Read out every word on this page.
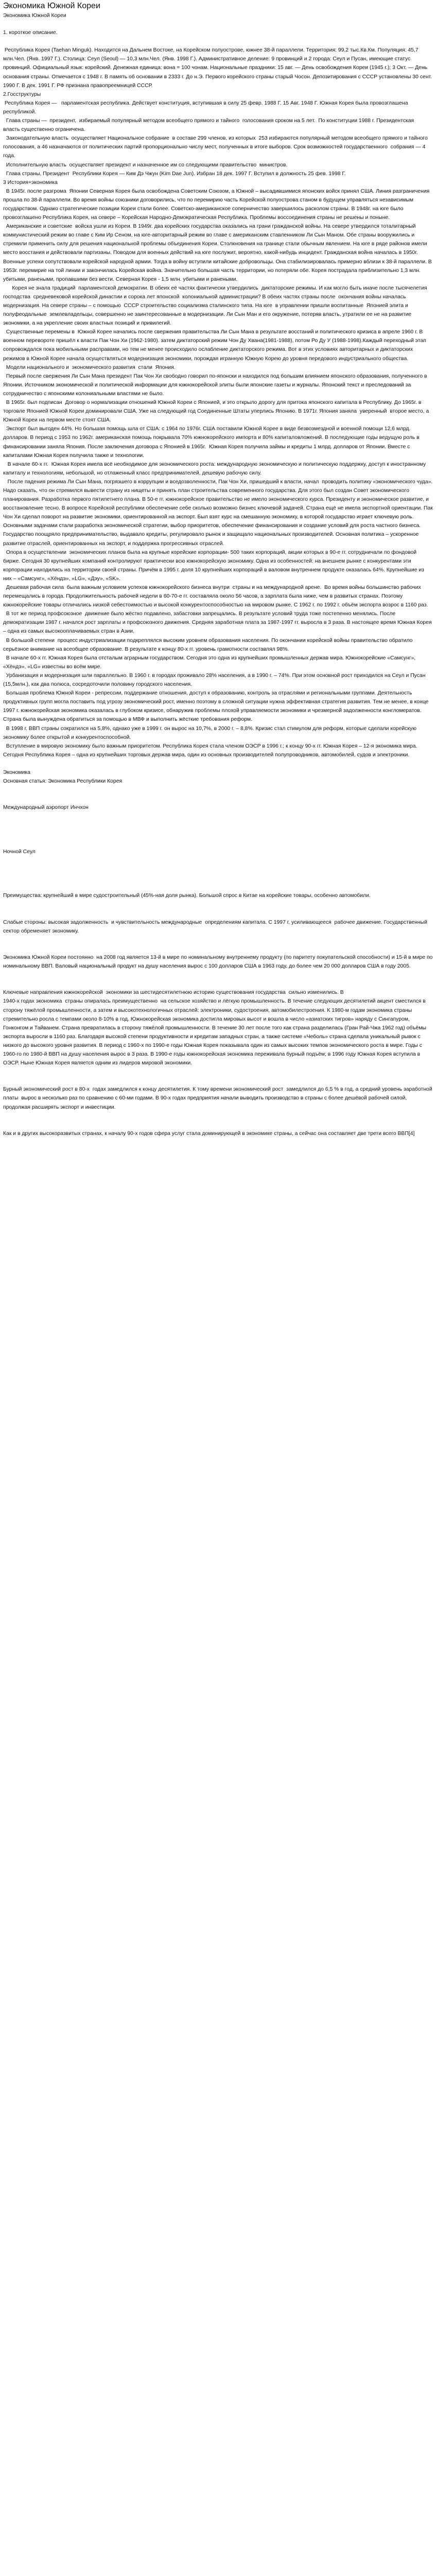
Экономика Южной Кореи
Экономика Южной Кореи

1. короткое описание.

Республика Корея (Taehan Minguk). Находится на Дальнем Востоке, на Корейском полуострове, южнее 38-й параллели. Территория: 99,2 тыс.Кв.Км. Популяция: 45,7 млн.Чел. (Янв. 1997 Г.). Столица: Сеул (Seoul) — 10,3 млн.Чел. (Янв. 1998 Г.). Административное деление: 9 провинций и 2 города: Сеул и Пусан, имеющие статус провинций. Официальный язык: корейский. Денежная единица: вона = 100 чонам. Национальные праздники: 15 авг. — День освобождения Кореи (1945 г.); 3 Окт. — День основания страны. Отмечается с 1948 г. В память об основании в 2333 г. До н.Э. Первого корейского страны старый Чосон. Депозитирования с СССР установлены 30 сент. 1990 Г. В дек. 1991 Г. РФ признана правопреемницей СССР.

2.Госструктуры

Республика Корея —   парламентская республика. Действует конституция, вступившая в силу 25 февр. 1988 Г. 15 Авг. 1948 Г. Южная Корея была провозглашена республикой.

Глава страны —  президент,  избираемый популярный методом всеобщего прямого и тайного  голосования сроком на 5 лет.  По конституции 1988 г. Президентская  власть существенно ограничена.

Законодательную власть  осуществляет Национальное собрание  в составе 299 членов, из которых  253 избираются популярный методом всеобщего прямого и тайного  голосования, а 46 назначаются от политических партий пропорционально числу мест, полученных в итоге выборов. Срок возможностей государственного  собрания — 4 года.

Исполнительную власть  осуществляет президент и назначенное им со следующими правительство  министров.

Глава страны, Президент  Республики Корея — Ким Дэ Чжун (Kim Dae Jun). Избран 18 дек. 1997 Г. Вступил в должность 25 фев. 1998 Г.

3 История+экономика

В 1945г. после разгрома  Японии Северная Корея была освобождена Советским Союзом, а Южной – высадившимися японских войск принял США. Линия разграничения прошла по 38-й параллели. Во время войны союзники договорились, что по перемирию часть Корейской полуострова станом в будущем управляться независимым государством. Однако стратегические позиции Кореи стали более. Советско-американское соперничество завершилось расколом страны. В 1948г. на юге было провозглашено Республика Корея, на севере – Корейская Народно-Демократическая Республика. Проблемы воссоединения страны не решены и поныне.

Американские и советские  войска ушли из Кореи. В 1949г. два корейских государства оказались на грани гражданской войны. На севере утвердился тоталитарный коммунистический режим во главе с Ким Ир Сеном, на юге-авторитарный режим во главе с американским ставленником Ли Сын Маном. Обе страны вооружились и стремили применить силу для решения национальной проблемы объединения Кореи. Столкновения на границе стали обычным явлением. На юге в ряде районов имели место восстания и действовали партизаны. Поводом для военных действий на юге послужит, вероятно, какой-нибудь инцидент. Гражданская война началась в 1950г. Военные успехи сопутствовали корейской народной армии. Тогда в войну вступили китайские добровольцы. Она стабилизировалась примерно вблизи к 38-й параллели. В 1953г. перемирие на той линии и закончилась Корейская война. Значительно большая часть территории, но потеряли обе. Корея пострадала приблизительно 1,3 млн. убитыми, ранеными, пропавшими без вести. Северная Корея - 1,5 млн. убитыми и ранеными.

Корея не знала традиций  парламентской демократии. В обеих её частях фактически утвердились  диктаторские режимы. И как могло быть иначе после тысячелетия господства  средневековой корейской династии и сорока лет японской  колониальной администрации? В обеих частях страны после  окончания войны началась модернизация. На севере страны – с помощью  СССР строительство социализма сталинского типа. На юге  в управлении пришли воспитанные  Японией элита и полуфеодальные  землевладельцы, совершенно не заинтересованные в модернизации. Ли Сын Ман и его окружение, потеряв власть, утратили ее не на развитие экономики, а на укрепление своих властных позиций и привилегий.

Существенные перемены в  Южной Корее начались после свержения правительства Ли Сын Мана в результате восстаний и политического кризиса в апреле 1960 г. В военном перевороте пришёл к власти Пак Чон Хи (1962-1980). затем диктаторский режим Чон Ду Хвана(1981-1988), потом Ро Ду У (1988-1998).Каждый переходный этап сопровождался пока мобильными расправами, но тем не менее происходило ослабление диктаторского режима. Вот в этих условиях авторитарных и диктаторских режимов в Южной Корее начала осуществляться модернизация экономики, порождая игранную Южную Корею до уровня передового индустриального общества.

Модели национального и  экономического развития  стали  Япония.

Первый после свержения Ли Сын Мана президент Пак Чон Хи свободно говорил по-японски и находился под большим влиянием японского образования, полученного в Японии. Источником экономической и политической информации для южнокорейской элиты были японские газеты и журналы. Японский текст и преследований за сотрудничество с японскими колониальными властями не было.

В 1965г. был подписан  Договор о нормализации отношений Южной Кореи с Японией, и это открыло дорогу для притока японского капитала в Республику. До 1965г. в торговле Японией Южной Кореи доминировали США. Уже на следующий год Соединенные Штаты уперлись Японию. В 1971г. Япония заняла  уверенный  второе место, а Южной Кореи на первом месте стоят США.

Экспорт был выгоден 44%. Но большая помощь шла от США: с 1964 по 1976г. США поставили Южной Корее в виде безвозмездной и военной помощи 12,6 млрд. долларов. В период с 1953 по 1962г. американская помощь покрывала 70% южнокорейского импорта и 80% капиталовложений. В последующие годы ведущую роль в финансировании заняла Япония. После заключения договора с Японией в 1965г.  Южная Корея получила займы и кредиты 1 млрд. долларов от Японии. Вместе с капиталами Южная Корея получила также и технологии.

В начале 60-х гг.  Южная Корея имела всё необходимое для экономического роста: международную экономическую и политическую поддержку, доступ к иностранному капиталу и технологиям, небольшой, но отлаженный класс предпринимателей, дешевую рабочую силу.

После падения режима Ли Сын Мана, погрязшего в коррупции и вседозволенности, Пак Чон Хи, пришедший к власти, начал  проводить политику «экономического чуда». Надо сказать, что он стремился вывести страну из нищеты и принять план строительства современного государства. Для этого был создан Совет экономического планирования. Разработка первого пятилетнего плана. В 50-е гг. южнокорейское правительство не имело экономического курса. Президенту и экономическое развитие, и восстановление тесно. В вопросе Корейской республики обеспечение себе сколько возможно бизнес ключевой задачей. Страна ещё не имела экспортной ориентации. Пак Чон Хи сделал поворот на развитие экономики, ориентированной на экспорт. Был взят курс на смешанную экономику, в которой государство играет ключевую роль. Основными задачами стали разработка экономической стратегии, выбор приоритетов, обеспечение финансирования и создание условий для роста частного бизнеса. Государство поощряло предпринимательство, выдавало кредиты, регулировало рынок и защищало национальных производителей. Основная политика – ускоренное развитие отраслей, ориентированных на экспорт, и поддержка прогрессивных отраслей.

Опора в осуществлении  экономических планов была на крупные корейские корпорации- 500 таких корпораций, акции которых в 90-е гг. сотрудничали по фондовой бирже. Сегодня 30 крупнейших компаний контролируют практически всю южнокорейскую экономику. Одна из особенностей: на внешнем рынке с конкурентами эти корпорации находились на территории своей страны. Причём в 1995 г. доля 10 крупнейших корпораций в валовом внутреннем продукте оказалась 64%. Крупнейшие из них – «Самсунг», «Хёндэ», «LG», «Дэу», «SK».

Дешевая рабочая сила  была важным условием успехов южнокорейского бизнеса внутри  страны и на международной арене.  Во время войны большинство рабочих перемещались в города. Продолжительность рабочей недели в 60-70-е гг. составляла около 56 часов, а зарплата была ниже, чем в развитых странах. Поэтому южнокорейские товары отличались низкой себестоимостью и высокой конкурентоспособностью на мировом рынке. С 1962 г. по 1992 г. объём экспорта возрос в 1160 раз.

В тот же период профсоюзное  движение было жёстко подавлено, забастовки запрещались. В результате условий труда тоже постепенно менялись. После демократизации 1987 г. начался рост зарплаты и профсоюзного движения. Средняя заработная плата за 1987-1997 гг. выросла в 3 раза. В настоящее время Южная Корея – одна из самых высокооплачиваемых стран в Азии.

В большой степени  процесс индустриализации подкреплялся высоким уровнем образования населения. По окончании корейской войны правительство обратило серьёзное внимание на всеобщее образование. В результате к концу 80-х гг. уровень грамотности составлял 98%.

В начале 60-х гг. Южная Корея была отсталым аграрным государством. Сегодня это одна из крупнейших промышленных держав мира. Южнокорейские «Самсунг», «Хёндэ», «LG» известны во всём мире.

Урбанизация и модернизация шли параллельно. В 1960 г. в городах проживало 28% населения, а в 1990 г. – 74%. При этом основной рост приходился на Сеул и Пусан (15,5млн.), как два полюса, сосредоточили половину городского населения.

Большая проблема Южной Кореи - репрессии, поддержание отношения, доступ к образованию, контроль за отраслями и региональными группами. Деятельность продуктивных групп могла поставить под угрозу экономический рост, именно поэтому в сложной ситуации нужна эффективная стратегия развития. Тем не менее, в конце 1997 г. южнокорейская экономика оказалась в глубоком кризисе, обнаружив проблемы плохой управляемости экономики и чрезмерной задолженности конгломератов. Страна была вынуждена обратиться за помощью в МВФ и выполнить жёсткие требования реформ.

В 1998 г. ВВП страны сократился на 5,8%, однако уже в 1999 г. он вырос на 10,7%, в 2000 г. – 8,8%. Кризис стал стимулом для реформ, которые сделали корейскую экономику более открытой и конкурентоспособной.

Вступление в мировую экономику было важным приоритетом. Республика Корея стала членом ОЭСР в 1996 г.; к концу 90-х гг. Южная Корея – 12-я экономика мира. Сегодня Республика Корея – одна из крупнейших торговых держав мира, один из основных производителей полупроводников, автомобилей, судов и электроники.

Экономика

Основная статья: Экономика Республики Корея

Международный аэропорт Инчхон

Ночной Сеул

Преимущества: крупнейший в мире судостроительный (45%-ная доля рынка). Большой спрос в Китае на корейские товары, особенно автомобили.

Слабые стороны: высокая задолженность  и чувствительность международные  определениям капитала. С 1997 г. усиливающееся  рабочее движение. Государственный  сектор обременяет экономику.

Экономика Южной Кореи постоянно  на 2008 год является 13-й в мире по номинальному внутреннему продукту (по паритету покупательской способности) и 15-й в мире по номинальному ВВП. Валовый национальный продукт на душу населения вырос с 100 долларов США в 1963 году, до более чем 20 000 долларов США в году 2005.

Ключевые направления южнокорейской  экономики за шестидесятилетнюю историю существования государства  сильно изменились. В

1940-х годах экономика  страны опиралась преимущественно  на сельское хозяйство и лёгкую промышленность. В течение следующих десятилетий акцент сместился в сторону тяжёлой промышленности, а затем и высокотехнологичных отраслей: электроники, судостроения, автомобилестроения. К 1980-м годам экономика страны стремительно росла с темпами около 8-10% в год. Южнокорейская экономика достигла мировых высот и вошла в число «азиатских тигров» наряду с Сингапуром, Гонконгом и Тайванем. Страна превратилась в сторону тяжёлой промышленности. В течение 30 лет после того как страна разделилась (Гран Рай-Чжа 1962 год) объёмы экспорта выросли в 1160 раз. Благодаря высокой степени продуктивности и кредитам западных стран, а также системе «Чеболь» страна сделала уникальный рывок с низкого до высокого уровня развития. В период с 1960-х по 1990-е годы Южная Корея показывала один из самых высоких темпов экономического роста в мире. Годы с 1960-го по 1980-й ВВП на душу населения вырос в 3 раза. В 1990-е годы южнокорейская экономика переживала бурный подъём; в 1996 году Южная Корея вступила в ОЭСР. Ныне Южная Корея является одним из лидеров мировой экономики.

Бурный экономический рост в 80-х  годах замедлился к концу десятилетия. К тому времени экономический рост  замедлился до 6,5 % в год, а средний уровень заработной платы  вырос в несколько раз по сравнению с 60-ми годами. В 90-х годах предприятия начали выводить производство в страны с более дешёвой рабочей силой, продолжая расширять экспорт и инвестиции.

Как и в других высокоразвитых странах, к началу 90-х годов сфера услуг стала доминирующей в экономике страны, а сейчас она составляет две трети всего ВВП[4]
